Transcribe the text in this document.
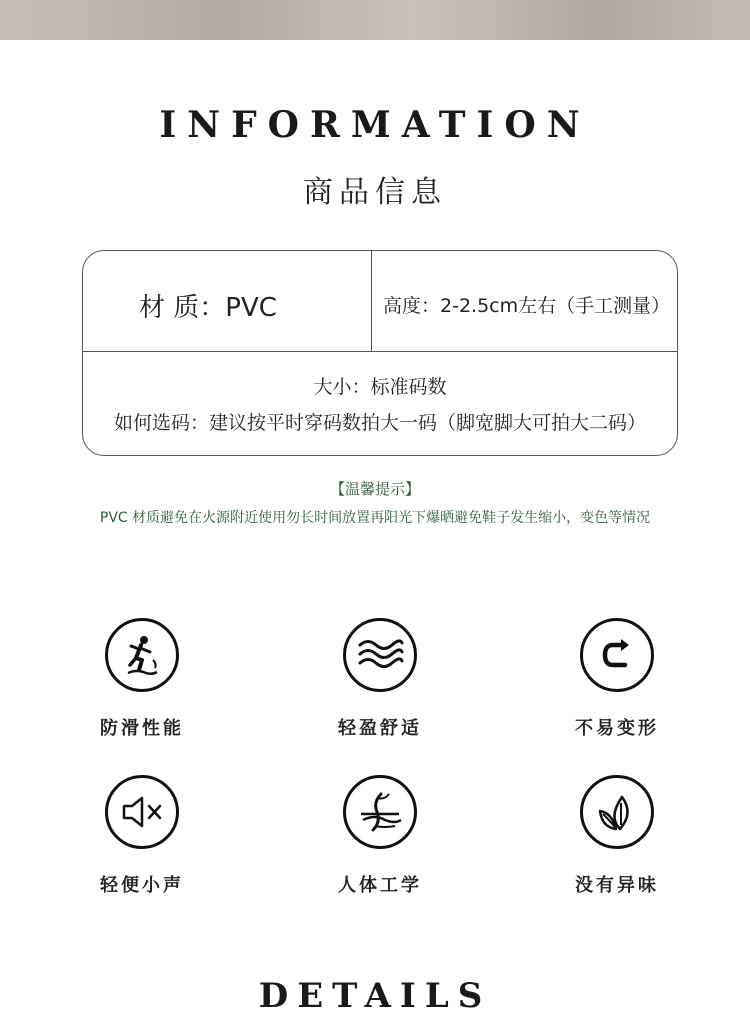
INFORMATION
商品信息
材 质：PVC	高度：2-2.5cm左右（手工测量）
大小：标准码数
如何选码：建议按平时穿码数拍大一码（脚宽脚大可拍大二码）
【温馨提示】
PVC 材质避免在火源附近使用勿长时间放置再阳光下爆晒避免鞋子发生缩小，变色等情况
防滑性能	轻盈舒适	不易变形
轻便小声	人体工学	没有异味
DETAILS
